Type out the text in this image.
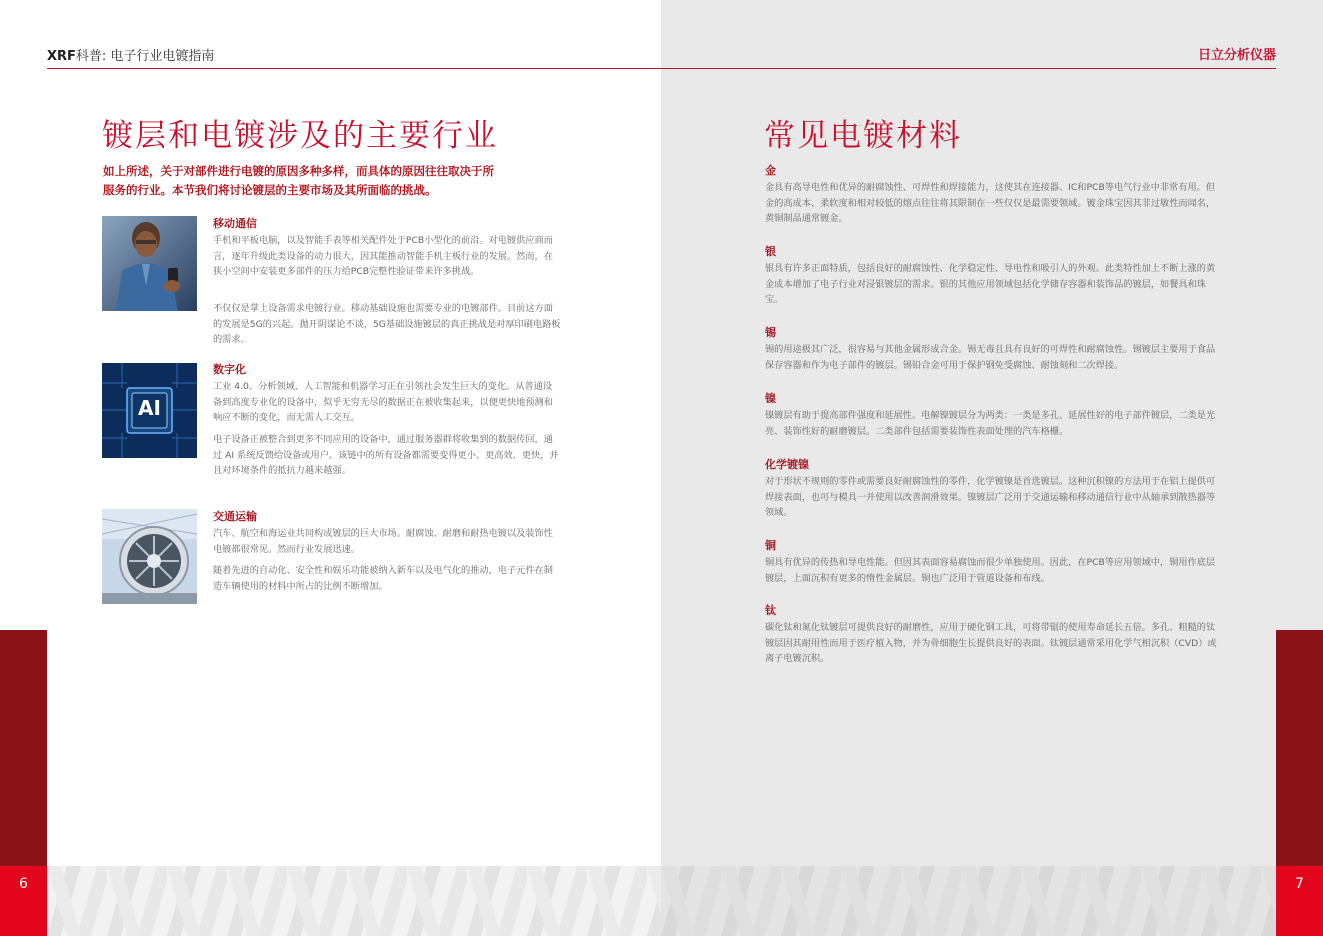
XRF科普: 电子行业电镀指南	日立分析仪器
镀层和电镀涉及的主要行业

如上所述，关于对部件进行电镀的原因多种多样，而具体的原因往往取决于所服务的行业。本节我们将讨论镀层的主要市场及其所面临的挑战。

移动通信

手机和平板电脑，以及智能手表等相关配件处于PCB小型化的前沿。对电镀供应商而言，逐年升级此类设备的动力很大，因其能推动智能手机主板行业的发展。然而，在狭小空间中安装更多部件的压力给PCB完整性验证带来许多挑战。

不仅仅是掌上设备需求电镀行业。移动基础设施也需要专业的电镀部件。目前这方面的发展是5G的兴起。抛开阴谋论不谈，5G基础设施镀层的真正挑战是对厚印刷电路板的需求。

AI
数字化

工业 4.0、分析领域、人工智能和机器学习正在引领社会发生巨大的变化。从普通设备到高度专业化的设备中，似乎无穷无尽的数据正在被收集起来，以便更快地预测和响应不断的变化，而无需人工交互。

电子设备正被整合到更多不同应用的设备中，通过服务器群将收集到的数据传回，通过 AI 系统反馈给设备或用户。该链中的所有设备都需要变得更小、更高效、更快，并且对环境条件的抵抗力越来越强。

交通运输

汽车、航空和海运业共同构成镀层的巨大市场。耐腐蚀、耐磨和耐热电镀以及装饰性电镀都很常见。然而行业发展迅速。

随着先进的自动化、安全性和娱乐功能被纳入新车以及电气化的推动，电子元件在制造车辆使用的材料中所占的比例不断增加。

常见电镀材料
金

金具有高导电性和优异的耐腐蚀性、可焊性和焊接能力，这使其在连接器、IC和PCB等电气行业中非常有用。但金的高成本、柔软度和相对较低的熔点往往将其限制在一些仅仅是最需要领域。镀金珠宝因其非过敏性而闻名，黄铜制品通常镀金。

银

银具有许多正面特质，包括良好的耐腐蚀性、化学稳定性、导电性和吸引人的外观。此类特性加上不断上涨的黄金成本增加了电子行业对浸银镀层的需求。银的其他应用领域包括化学储存容器和装饰品的镀层，如餐具和珠宝。

锡

锡的用途极其广泛，很容易与其他金属形成合金。锡无毒且具有良好的可焊性和耐腐蚀性。锡镀层主要用于食品保存容器和作为电子部件的镀层。锡铅合金可用于保护钢免受腐蚀、耐蚀刻和二次焊接。

镍

镍镀层有助于提高部件强度和延展性。电解镍镀层分为两类：一类是多孔、延展性好的电子部件镀层，二类是光亮、装饰性好的耐磨镀层。二类部件包括需要装饰性表面处理的汽车格栅。

化学镀镍

对于形状不规则的零件或需要良好耐腐蚀性的零件，化学镀镍是首选镀层。这种沉积镍的方法用于在铝上提供可焊接表面，也可与模具一并使用以改善润滑效果。镍镀层广泛用于交通运输和移动通信行业中从轴承到散热器等领域。

铜

铜具有优异的传热和导电性能。但因其表面容易腐蚀而很少单独使用。因此，在PCB等应用领域中，铜用作底层镀层，上面沉积有更多的惰性金属层。铜也广泛用于管道设备和布线。

钛

碳化钛和氮化钛镀层可提供良好的耐磨性，应用于硬化钢工具，可将带锯的使用寿命延长五倍。多孔、粗糙的钛镀层因其耐用性而用于医疗植入物，并为骨细胞生长提供良好的表面。钛镀层通常采用化学气相沉积（CVD）或离子电镀沉积。

6	7
